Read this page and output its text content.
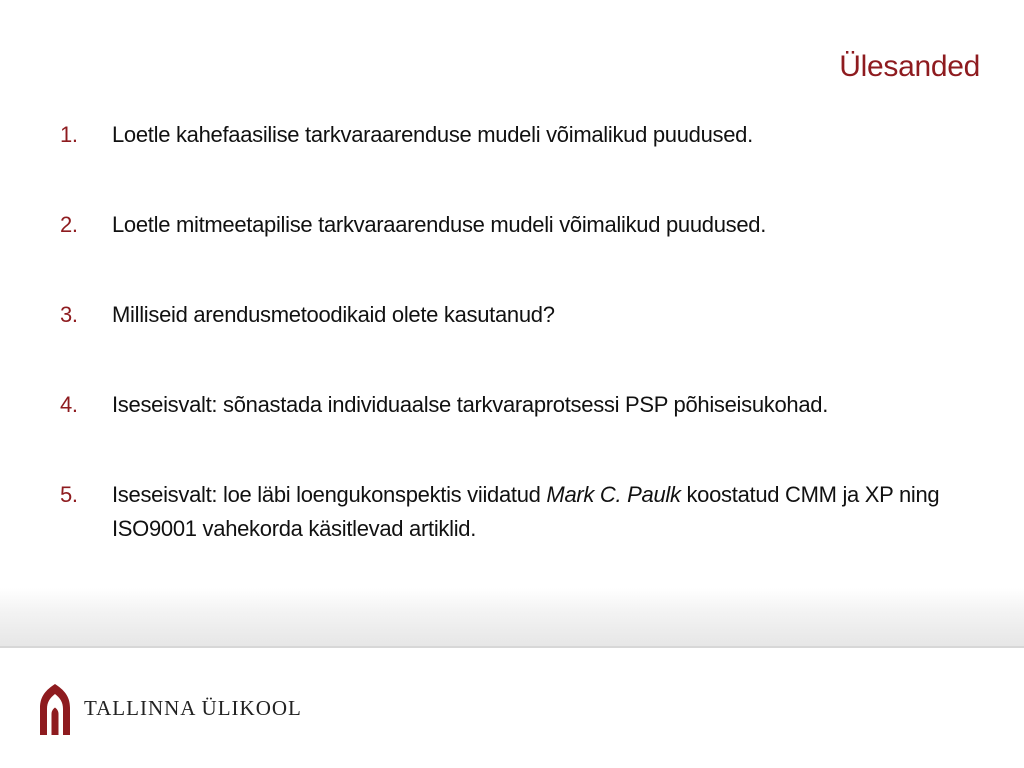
Ülesanded
1.	Loetle kahefaasilise tarkvaraarenduse mudeli võimalikud puudused.
2.	Loetle mitmeetapilise tarkvaraarenduse mudeli võimalikud puudused.
3.	Milliseid arendusmetoodikaid olete kasutanud?
4.	Iseseisvalt: sõnastada individuaalse tarkvaraprotsessi PSP põhiseisukohad.
5.	Iseseisvalt: loe läbi loengukonspektis viidatud Mark C. Paulk koostatud CMM ja XP ning ISO9001 vahekorda käsitlevad artiklid.
TALLINNA ÜLIKOOL
